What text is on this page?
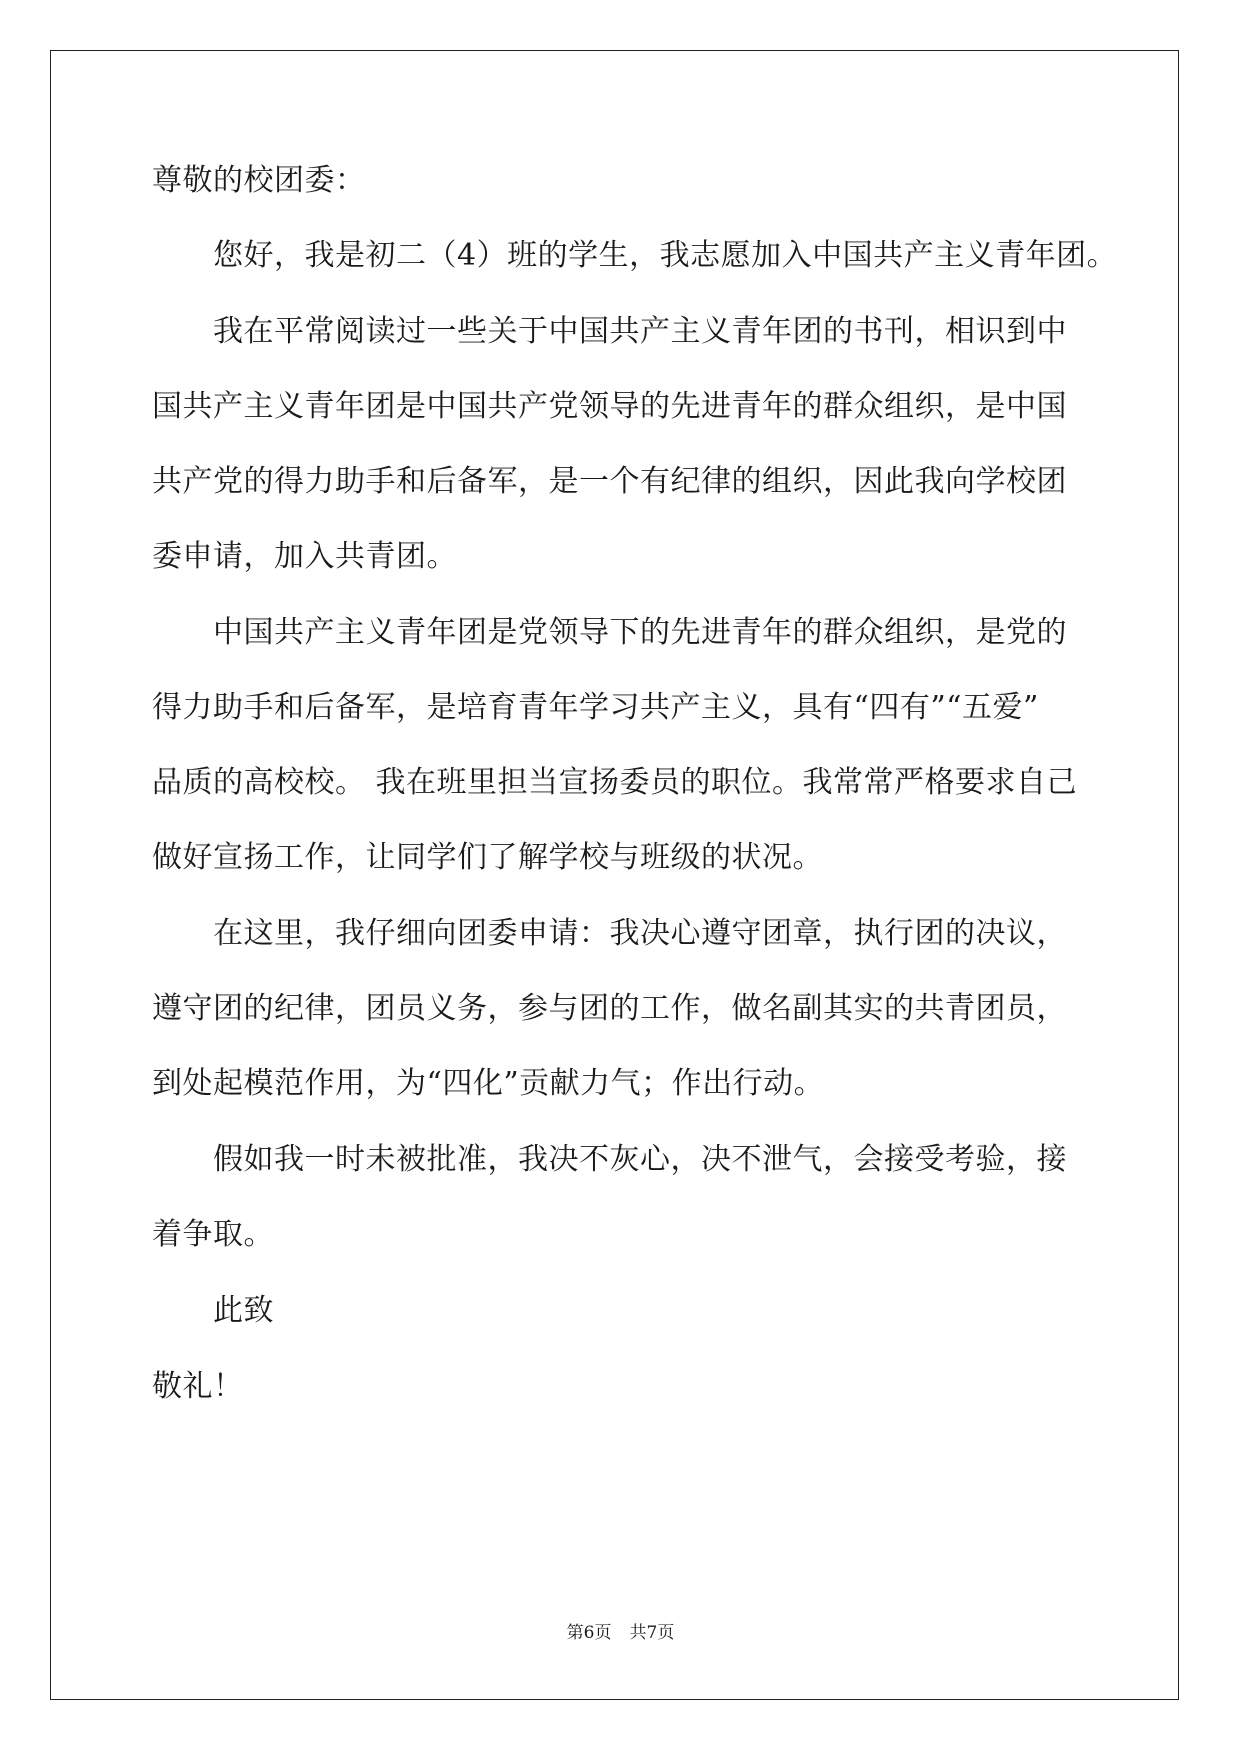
尊敬的校团委：
您好，我是初二（4）班的学生，我志愿加入中国共产主义青年团。
我在平常阅读过一些关于中国共产主义青年团的书刊，相识到中
国共产主义青年团是中国共产党领导的先进青年的群众组织，是中国
共产党的得力助手和后备军，是一个有纪律的组织，因此我向学校团
委申请，加入共青团。
中国共产主义青年团是党领导下的先进青年的群众组织，是党的
得力助手和后备军，是培育青年学习共产主义，具有“四有”“五爱”
品质的高校校。 我在班里担当宣扬委员的职位。我常常严格要求自己
做好宣扬工作，让同学们了解学校与班级的状况。
在这里，我仔细向团委申请：我决心遵守团章，执行团的决议，
遵守团的纪律，团员义务，参与团的工作，做名副其实的共青团员，
到处起模范作用，为“四化”贡献力气；作出行动。
假如我一时未被批准，我决不灰心，决不泄气，会接受考验，接
着争取。
此致
敬礼！
第6页 共7页
